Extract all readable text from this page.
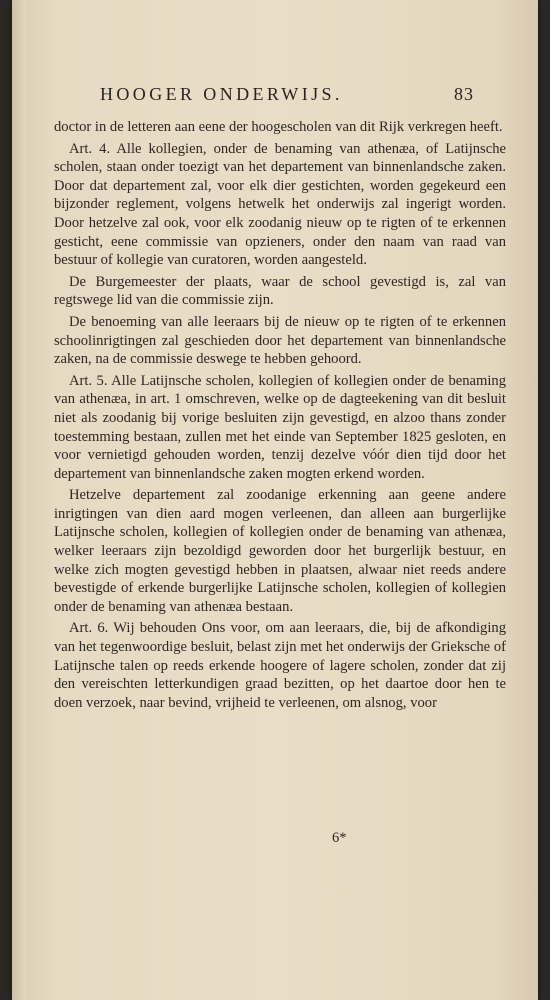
HOOGER ONDERWIJS.	83

doctor in de letteren aan eene der hoogescholen van dit Rijk verkregen heeft.

Art. 4. Alle kollegien, onder de benaming van athenæa, of Latijnsche scholen, staan onder toezigt van het departement van binnenlandsche zaken. Door dat departement zal, voor elk dier gestichten, worden gegekeurd een bijzonder reglement, volgens hetwelk het onderwijs zal ingerigt worden. Door hetzelve zal ook, voor elk zoodanig nieuw op te rigten of te erkennen gesticht, eene commissie van opzieners, onder den naam van raad van bestuur of kollegie van curatoren, worden aangesteld.

De Burgemeester der plaats, waar de school gevestigd is, zal van regtswege lid van die commissie zijn.

De benoeming van alle leeraars bij de nieuw op te rigten of te erkennen schoolinrigtingen zal geschieden door het departement van binnenlandsche zaken, na de commissie deswege te hebben gehoord.

Art. 5. Alle Latijnsche scholen, kollegien of kollegien onder de benaming van athenæa, in art. 1 omschreven, welke op de dagteekening van dit besluit niet als zoodanig bij vorige besluiten zijn gevestigd, en alzoo thans zonder toestemming bestaan, zullen met het einde van September 1825 gesloten, en voor vernietigd gehouden worden, tenzij dezelve vóór dien tijd door het departement van binnenlandsche zaken mogten erkend worden.

Hetzelve departement zal zoodanige erkenning aan geene andere inrigtingen van dien aard mogen verleenen, dan alleen aan burgerlijke Latijnsche scholen, kollegien of kollegien onder de benaming van athenæa, welker leeraars zijn bezoldigd geworden door het burgerlijk bestuur, en welke zich mogten gevestigd hebben in plaatsen, alwaar niet reeds andere bevestigde of erkende burgerlijke Latijnsche scholen, kollegien of kollegien onder de benaming van athenæa bestaan.

Art. 6. Wij behouden Ons voor, om aan leeraars, die, bij de afkondiging van het tegenwoordige besluit, belast zijn met het onderwijs der Grieksche of Latijnsche talen op reeds erkende hoogere of lagere scholen, zonder dat zij den vereischten letterkundigen graad bezitten, op het daartoe door hen te doen verzoek, naar bevind, vrijheid te verleenen, om alsnog, voor

6*
